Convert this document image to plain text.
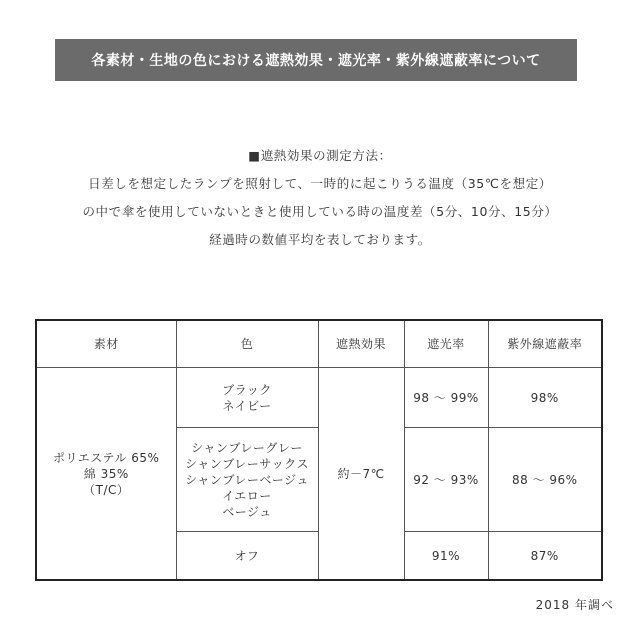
各素材・生地の色における遮熱効果・遮光率・紫外線遮蔽率について
■遮熱効果の測定方法：
日差しを想定したランプを照射して、一時的に起こりうる温度（35℃を想定）
の中で傘を使用していないときと使用している時の温度差（5分、10分、15分）
経過時の数値平均を表しております。
素材	色	遮熱効果	遮光率	紫外線遮蔽率

ポリエステル 65%
綿 35%
（T/C）	ブラック
ネイビー	約－7℃	98 ～ 99%	98%

	シャンブレーグレー
シャンブレーサックス
シャンブレーベージュ
イエロー
ベージュ		92 ～ 93%	88 ～ 96%

	オフ		91%	87%
2018 年調べ
